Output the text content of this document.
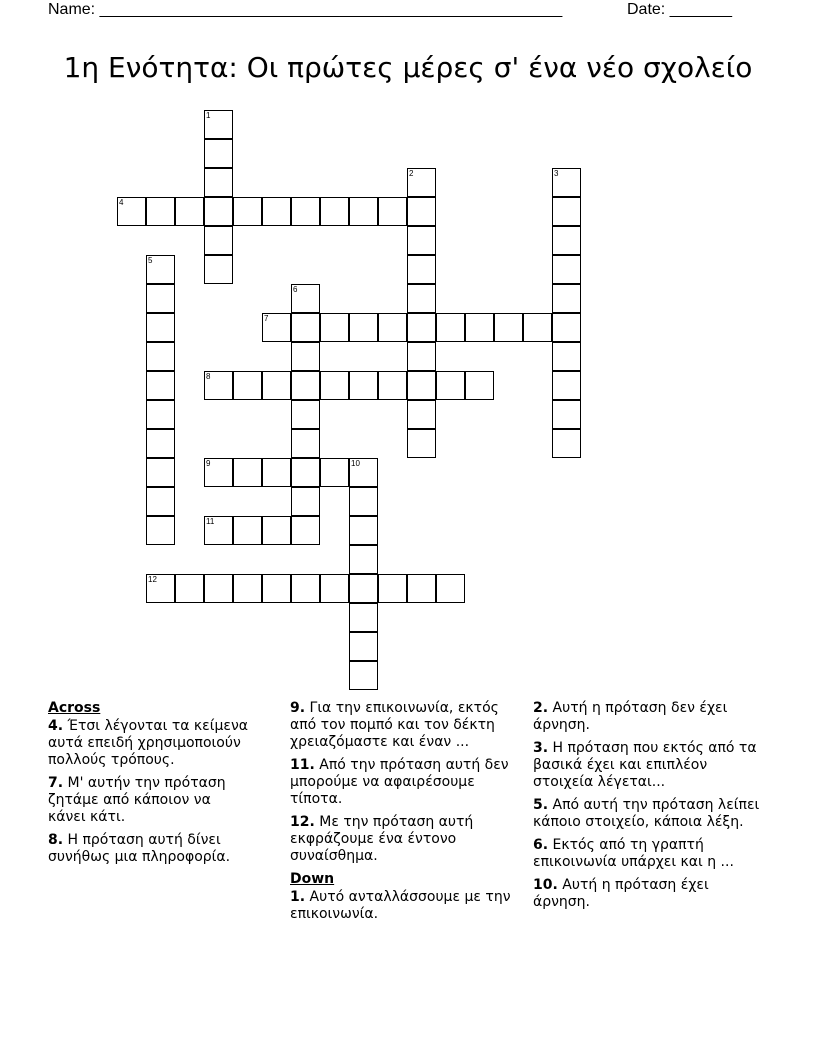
Name: ____________________________________________________	Date: _______
1η Ενότητα: Οι πρώτες μέρες σ' ένα νέο σχολείο
1
2	3
4
5
6
7
8
9	10
11
12
Across
4. Έτσι λέγονται τα κείμενα αυτά επειδή χρησιμοποιούν πολλούς τρόπους.
7. Μ' αυτήν την πρόταση ζητάμε από κάποιον να κάνει κάτι.
8. Η πρόταση αυτή δίνει συνήθως μια πληροφορία.
9. Για την επικοινωνία, εκτός από τον πομπό και τον δέκτη χρειαζόμαστε και έναν ...
11. Από την πρόταση αυτή δεν μπορούμε να αφαιρέσουμε τίποτα.
12. Με την πρόταση αυτή εκφράζουμε ένα έντονο συναίσθημα.
Down
1. Αυτό ανταλλάσσουμε με την επικοινωνία.
2. Αυτή η πρόταση δεν έχει άρνηση.
3. Η πρόταση που εκτός από τα βασικά έχει και επιπλέον στοιχεία λέγεται...
5. Από αυτή την πρόταση λείπει κάποιο στοιχείο, κάποια λέξη.
6. Εκτός από τη γραπτή επικοινωνία υπάρχει και η ...
10. Αυτή η πρόταση έχει άρνηση.
